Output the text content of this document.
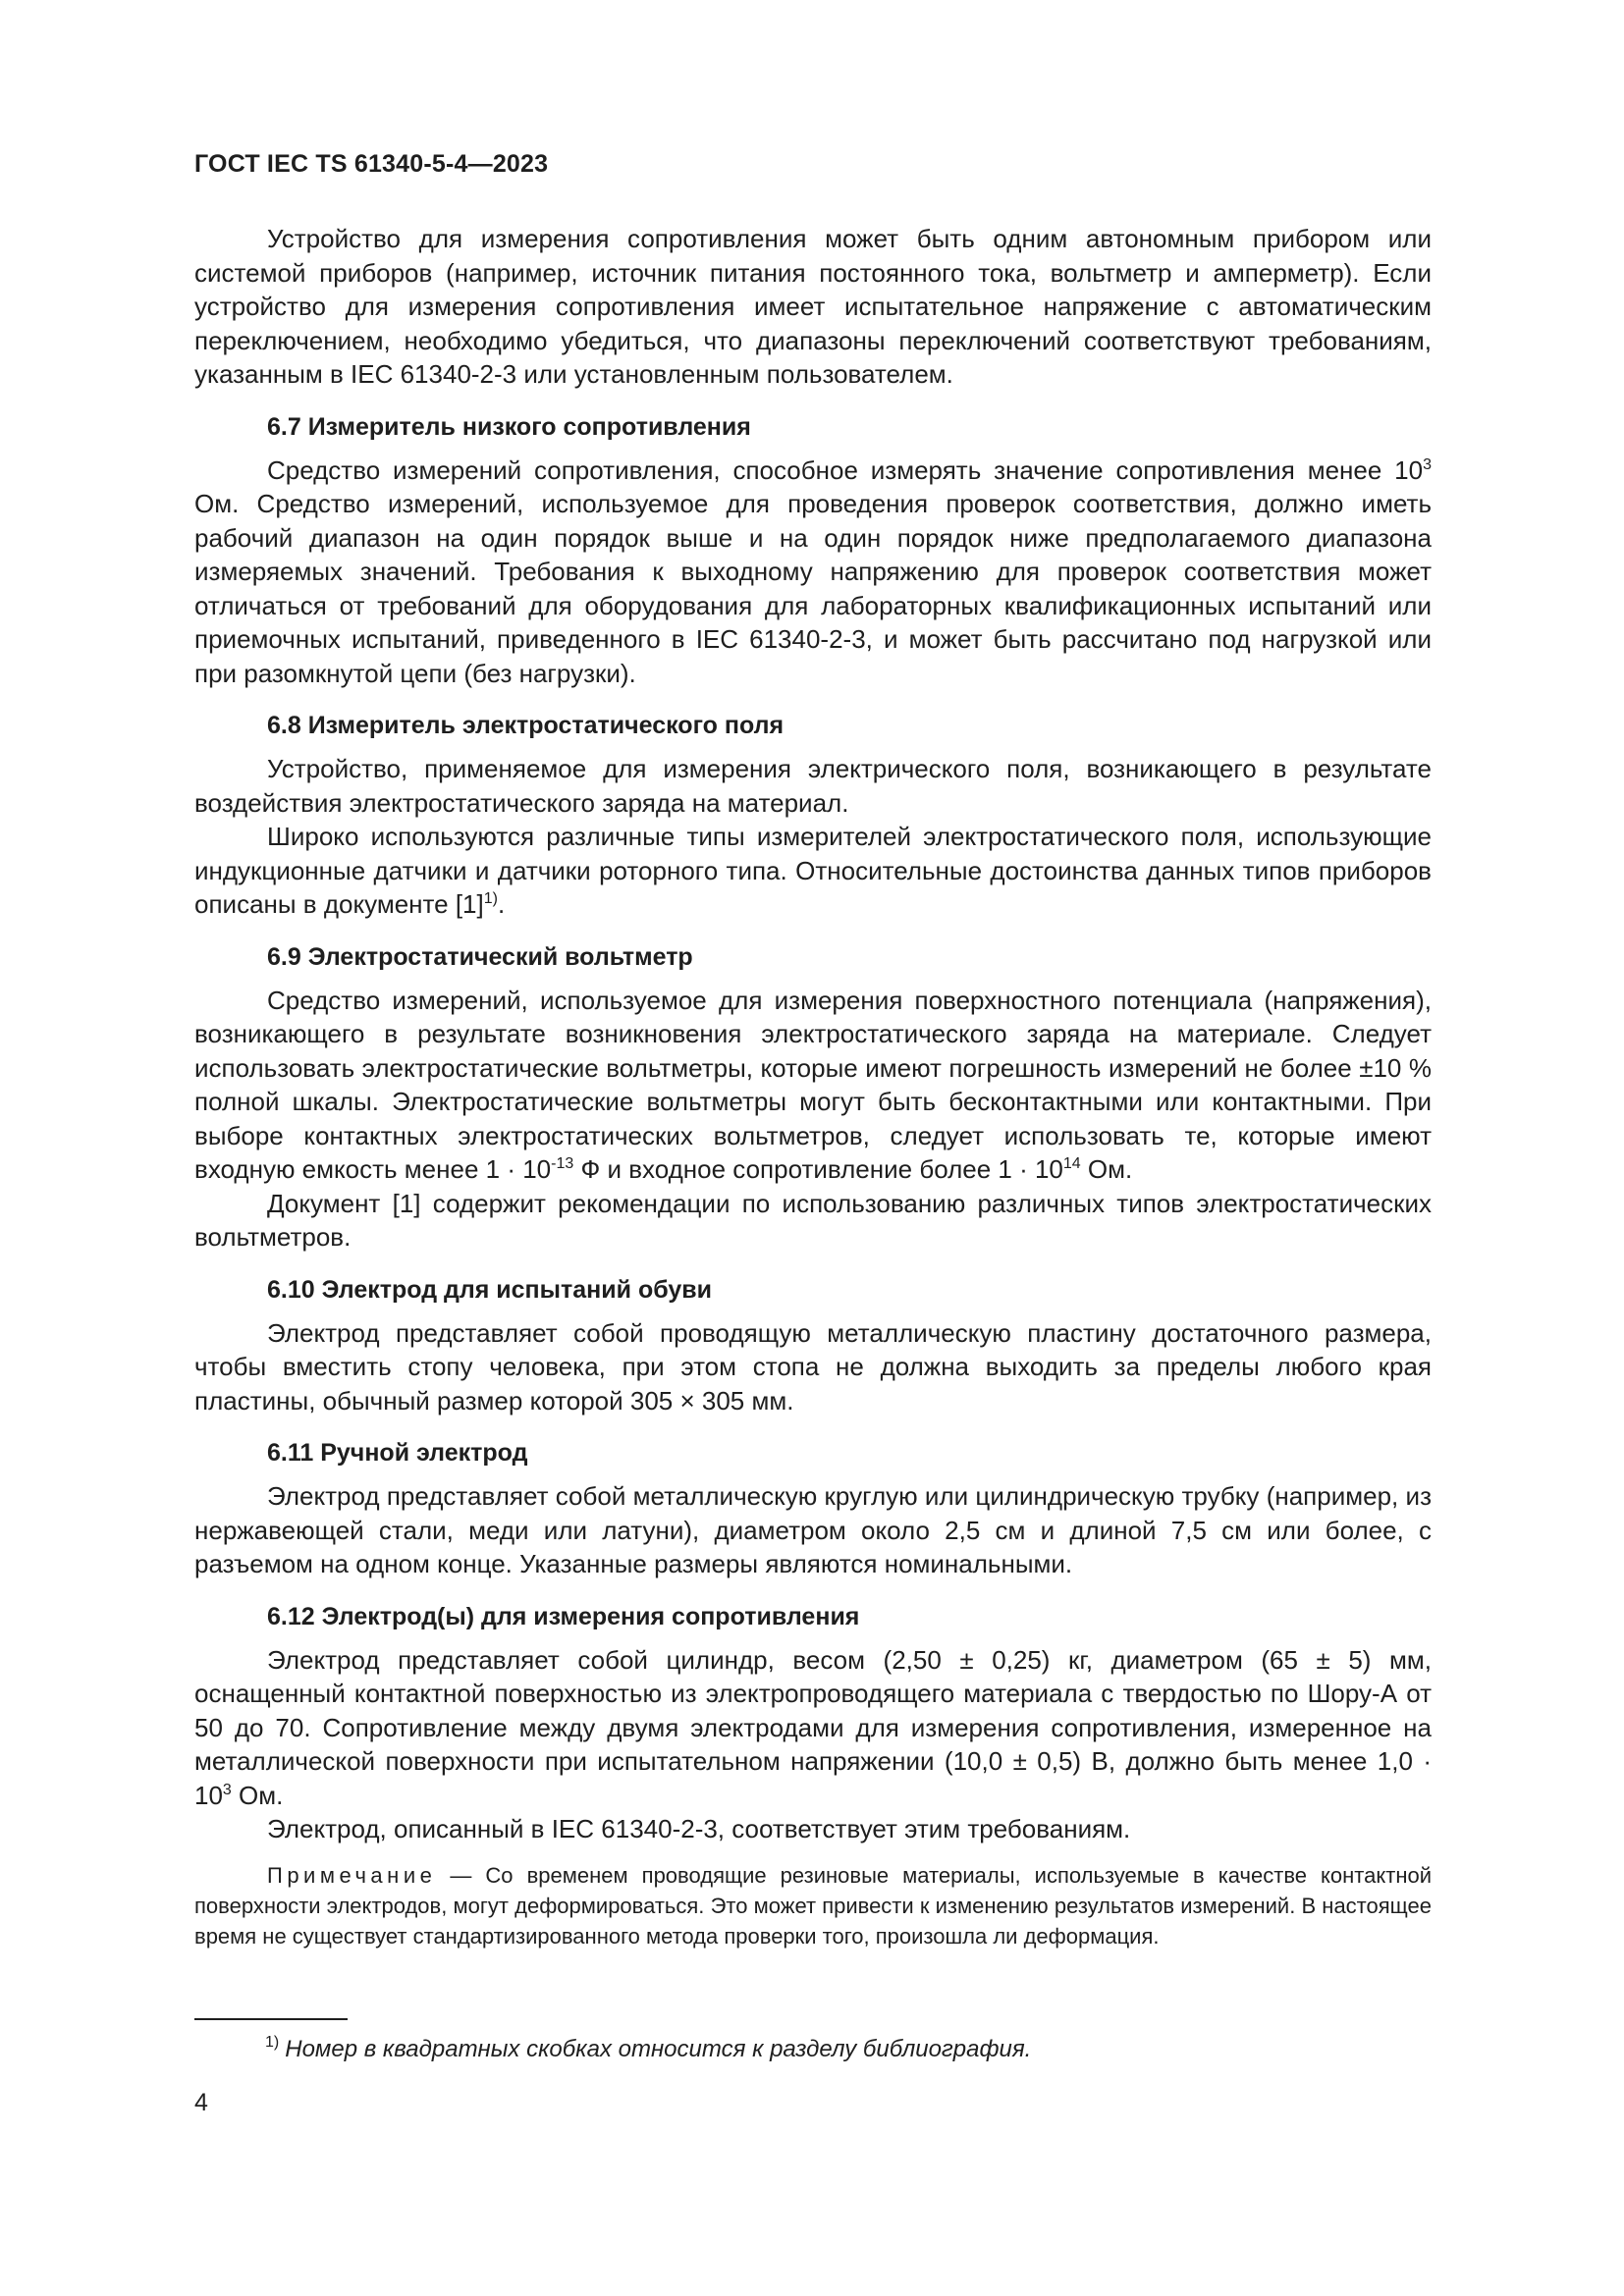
ГОСТ IEC TS 61340-5-4—2023

Устройство для измерения сопротивления может быть одним автономным прибором или системой приборов (например, источник питания постоянного тока, вольтметр и амперметр). Если устройство для измерения сопротивления имеет испытательное напряжение с автоматическим переключением, необходимо убедиться, что диапазоны переключений соответствуют требованиям, указанным в IEC 61340-2-3 или установленным пользователем.

6.7 Измеритель низкого сопротивления

Средство измерений сопротивления, способное измерять значение сопротивления менее $10^3$ Ом. Средство измерений, используемое для проведения проверок соответствия, должно иметь рабочий диапазон на один порядок выше и на один порядок ниже предполагаемого диапазона измеряемых значений. Требования к выходному напряжению для проверок соответствия может отличаться от требований для оборудования для лабораторных квалификационных испытаний или приемочных испытаний, приведенного в IEC 61340-2-3, и может быть рассчитано под нагрузкой или при разомкнутой цепи (без нагрузки).

6.8 Измеритель электростатического поля

Устройство, применяемое для измерения электрического поля, возникающего в результате воздействия электростатического заряда на материал.

Широко используются различные типы измерителей электростатического поля, использующие индукционные датчики и датчики роторного типа. Относительные достоинства данных типов приборов описаны в документе $[1]^{1)}$.

6.9 Электростатический вольтметр

Средство измерений, используемое для измерения поверхностного потенциала (напряжения), возникающего в результате возникновения электростатического заряда на материале. Следует использовать электростатические вольтметры, которые имеют погрешность измерений не более ±10 % полной шкалы. Электростатические вольтметры могут быть бесконтактными или контактными. При выборе контактных электростатических вольтметров, следует использовать те, которые имеют входную емкость менее $1 \cdot 10^{-13}$ Ф и входное сопротивление более $1 \cdot 10^{14}$ Ом.

Документ [1] содержит рекомендации по использованию различных типов электростатических вольтметров.

6.10 Электрод для испытаний обуви

Электрод представляет собой проводящую металлическую пластину достаточного размера, чтобы вместить стопу человека, при этом стопа не должна выходить за пределы любого края пластины, обычный размер которой 305 × 305 мм.

6.11 Ручной электрод

Электрод представляет собой металлическую круглую или цилиндрическую трубку (например, из нержавеющей стали, меди или латуни), диаметром около 2,5 см и длиной 7,5 см или более, с разъемом на одном конце. Указанные размеры являются номинальными.

6.12 Электрод(ы) для измерения сопротивления

Электрод представляет собой цилиндр, весом (2,50 ± 0,25) кг, диаметром (65 ± 5) мм, оснащенный контактной поверхностью из электропроводящего материала с твердостью по Шору-А от 50 до 70. Сопротивление между двумя электродами для измерения сопротивления, измеренное на металлической поверхности при испытательном напряжении (10,0 ± 0,5) В, должно быть менее $1,0 \cdot 10^3$ Ом.

Электрод, описанный в IEC 61340-2-3, соответствует этим требованиям.

Примечание — Со временем проводящие резиновые материалы, используемые в качестве контактной поверхности электродов, могут деформироваться. Это может привести к изменению результатов измерений. В настоящее время не существует стандартизированного метода проверки того, произошла ли деформация.
$^{1)}$ Номер в квадратных скобках относится к разделу библиография.
4
